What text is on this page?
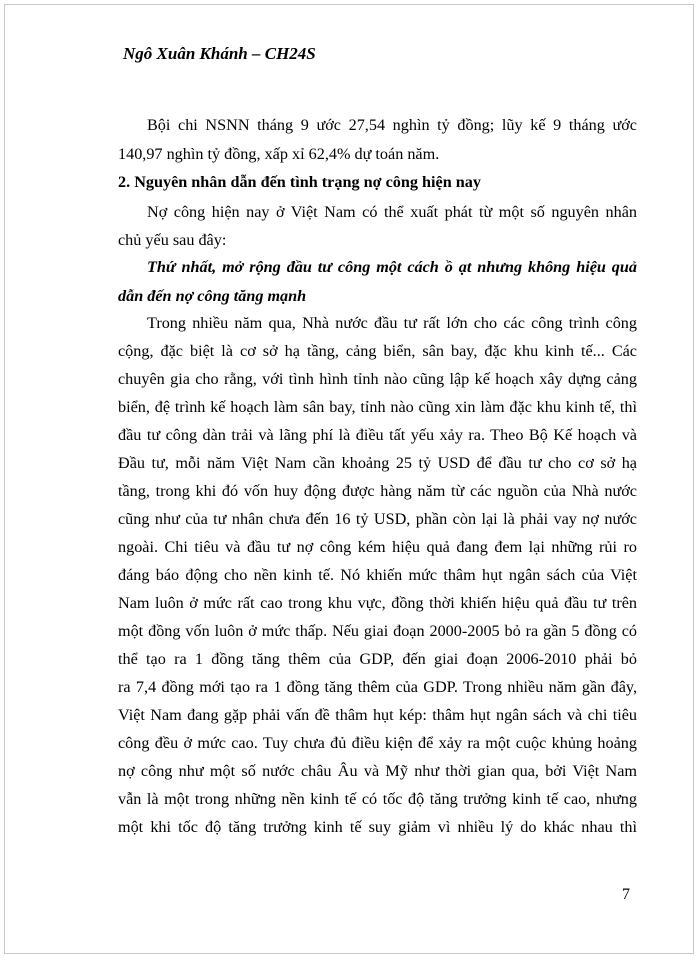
Ngô Xuân Khánh – CH24S
Bội chi NSNN tháng 9 ước 27,54 nghìn tỷ đồng; lũy kế 9 tháng ước
140,97 nghìn tỷ đồng, xấp xỉ 62,4% dự toán năm.
2. Nguyên nhân dẫn đến tình trạng nợ công hiện nay
Nợ công hiện nay ở Việt Nam có thể xuất phát từ một số nguyên nhân
chủ yếu sau đây:
Thứ nhất, mở rộng đầu tư công một cách ồ ạt nhưng không hiệu quả
dẫn đến nợ công tăng mạnh
Trong nhiều năm qua, Nhà nước đầu tư rất lớn cho các công trình công
cộng, đặc biệt là cơ sở hạ tầng, cảng biển, sân bay, đặc khu kinh tế... Các
chuyên gia cho rằng, với tình hình tỉnh nào cũng lập kế hoạch xây dựng cảng
biển, đệ trình kế hoạch làm sân bay, tỉnh nào cũng xin làm đặc khu kinh tế, thì
đầu tư công dàn trải và lãng phí là điều tất yếu xảy ra. Theo Bộ Kế hoạch và
Đầu tư, mỗi năm Việt Nam cần khoảng 25 tỷ USD để đầu tư cho cơ sở hạ
tầng, trong khi đó vốn huy động được hàng năm từ các nguồn của Nhà nước
cũng như của tư nhân chưa đến 16 tỷ USD, phần còn lại là phải vay nợ nước
ngoài. Chi tiêu và đầu tư nợ công kém hiệu quả đang đem lại những rủi ro
đáng báo động cho nền kinh tế. Nó khiến mức thâm hụt ngân sách của Việt
Nam luôn ở mức rất cao trong khu vực, đồng thời khiến hiệu quả đầu tư trên
một đồng vốn luôn ở mức thấp. Nếu giai đoạn 2000-2005 bỏ ra gần 5 đồng có
thể tạo ra 1 đồng tăng thêm của GDP, đến giai đoạn 2006-2010 phải bỏ
ra 7,4 đồng mới tạo ra 1 đồng tăng thêm của GDP. Trong nhiều năm gần đây,
Việt Nam đang gặp phải vấn đề thâm hụt kép: thâm hụt ngân sách và chi tiêu
công đều ở mức cao. Tuy chưa đủ điều kiện để xảy ra một cuộc khủng hoảng
nợ công như một số nước châu Âu và Mỹ như thời gian qua, bởi Việt Nam
vẫn là một trong những nền kinh tế có tốc độ tăng trưởng kinh tế cao, nhưng
một khi tốc độ tăng trưởng kinh tế suy giảm vì nhiều lý do khác nhau thì
7
